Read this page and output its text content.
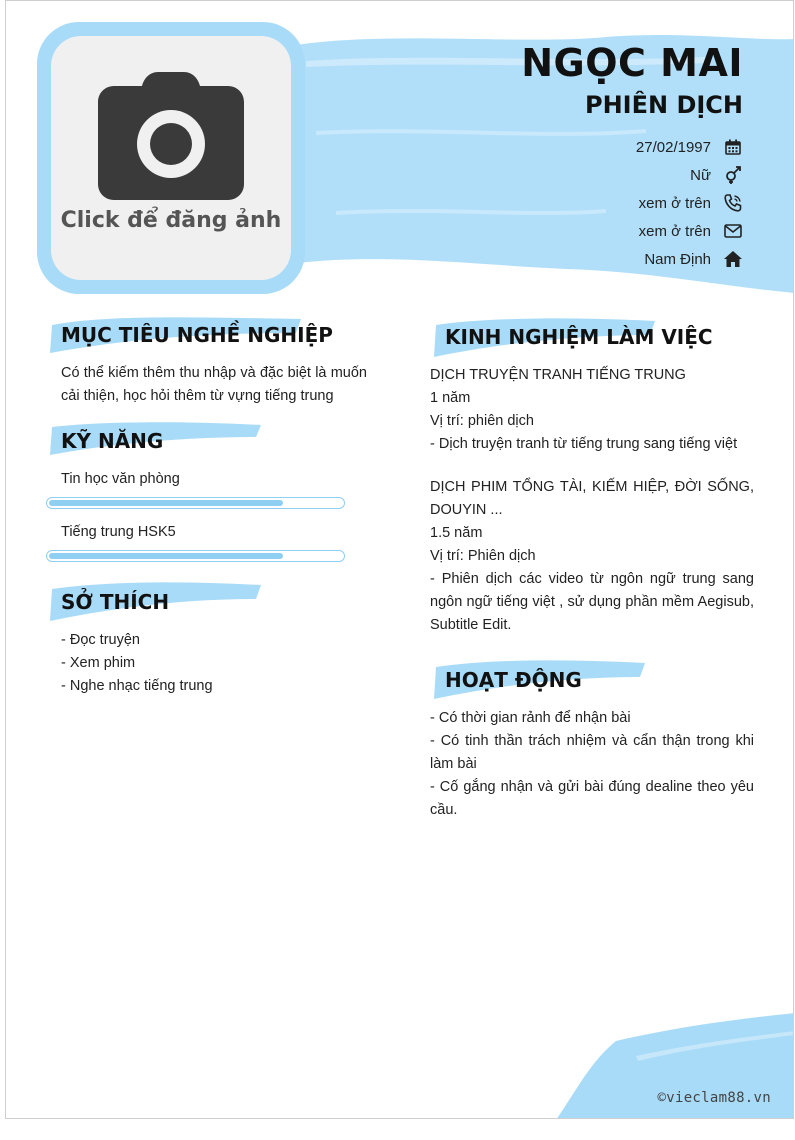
Click để đăng ảnh
NGỌC MAI
PHIÊN DỊCH
27/02/1997
Nữ
xem ở trên
xem ở trên
Nam Định
MỤC TIÊU NGHỀ NGHIỆP
Có thể kiếm thêm thu nhập và đặc biệt là muốn cải thiện, học hỏi thêm từ vựng tiếng trung
KỸ NĂNG
Tin học văn phòng
Tiếng trung HSK5
SỞ THÍCH
- Đọc truyện
- Xem phim
- Nghe nhạc tiếng trung
KINH NGHIỆM LÀM VIỆC
DỊCH TRUYỆN TRANH TIẾNG TRUNG
1 năm
Vị trí: phiên dịch
- Dịch truyện tranh từ tiếng trung sang tiếng việt
DỊCH PHIM TỔNG TÀI, KIẾM HIỆP, ĐỜI SỐNG, DOUYIN ...
1.5 năm
Vị trí: Phiên dịch
- Phiên dịch các video từ ngôn ngữ trung sang ngôn ngữ tiếng việt , sử dụng phần mềm Aegisub, Subtitle Edit.
HOẠT ĐỘNG
- Có thời gian rảnh để nhận bài
- Có tinh thần trách nhiệm và cẩn thận trong khi làm bài
- Cố gắng nhận và gửi bài đúng dealine theo yêu cầu.
©vieclam88.vn
